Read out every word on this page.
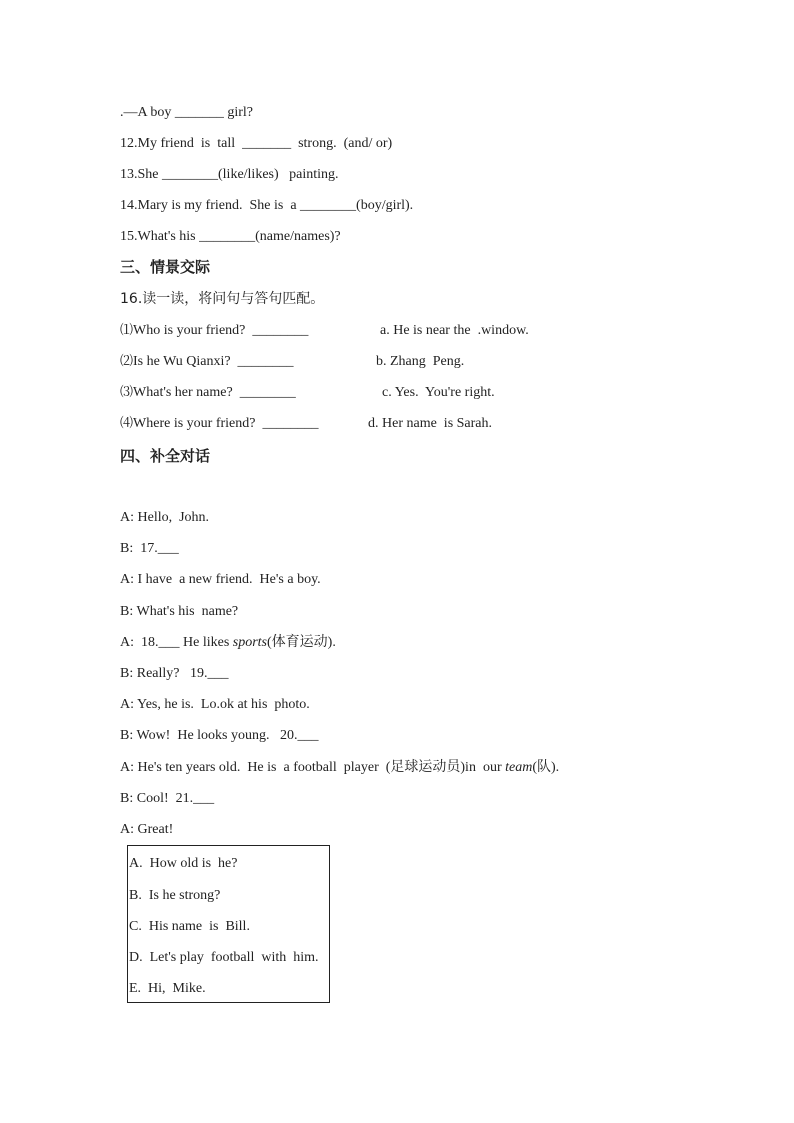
.—A boy _______ girl?
12.My friend  is  tall  _______  strong.  (and/ or)
13.She ________(like/likes)   painting.
14.Mary is my friend.  She is  a ________(boy/girl).
15.What's his ________(name/names)?
三、情景交际
16.读一读，将问句与答句匹配。
⑴Who is your friend?  ________	a. He is near the  .window.
⑵Is he Wu Qianxi?  ________	b. Zhang  Peng.
⑶What's her name?  ________	c. Yes.  You're right.
⑷Where is your friend?  ________	d. Her name  is Sarah.
四、补全对话
A: Hello,  John.
B:  17.___
A: I have  a new friend.  He's a boy.
B: What's his  name?
A:  18.___ He likes sports(体育运动).
B: Really?   19.___
A: Yes, he is.  Lo.ok at his  photo.
B: Wow!  He looks young.   20.___
A: He's ten years old.  He is  a football  player  (足球运动员)in  our team(队).
B: Cool!  21.___
A: Great!
A.  How old is  he?
B.  Is he strong?
C.  His name  is  Bill.
D.  Let's play  football  with  him.
E.  Hi,  Mike.
